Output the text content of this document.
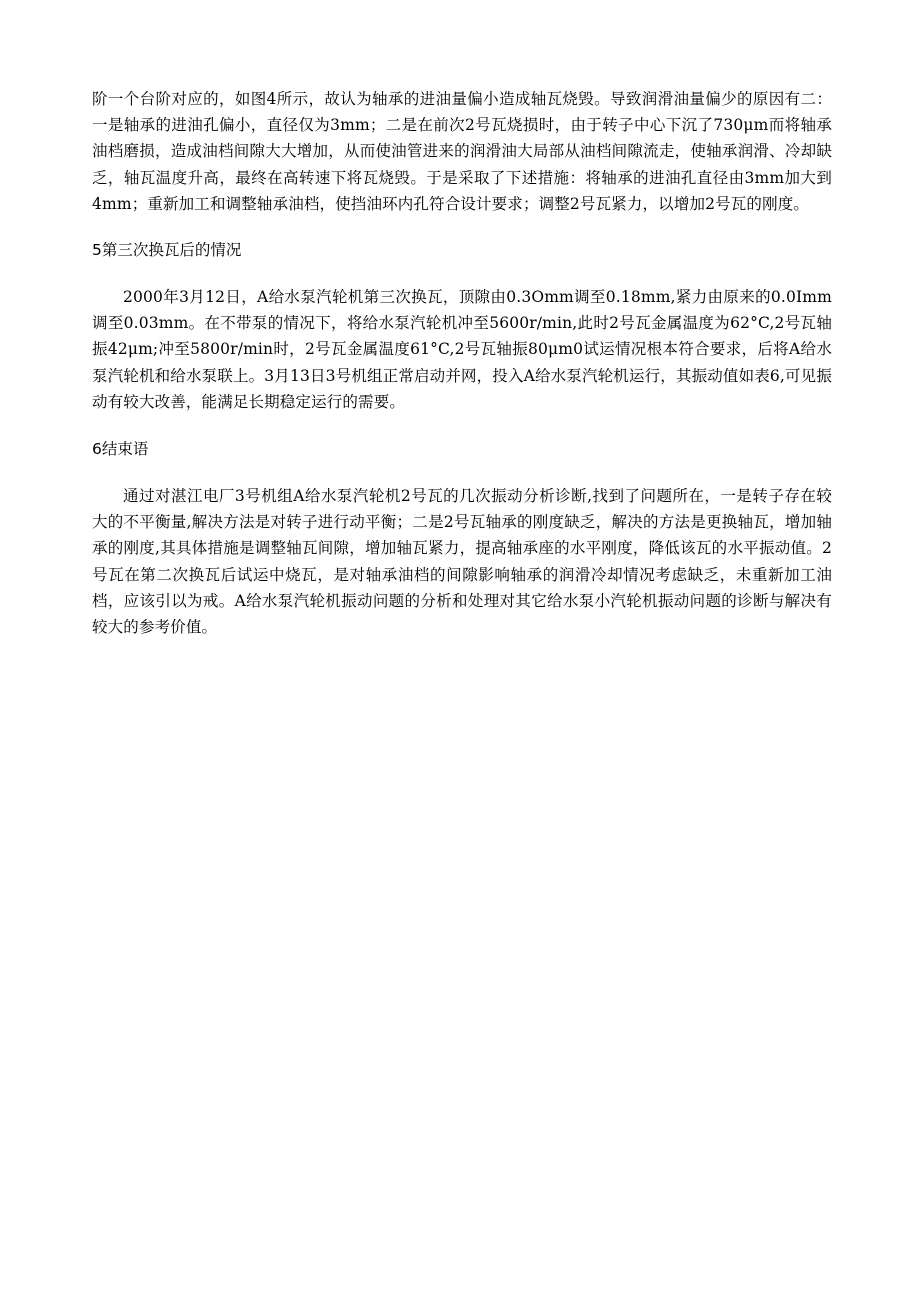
阶一个台阶对应的，如图4所示，故认为轴承的进油量偏小造成轴瓦烧毁。导致润滑油量偏少的原因有二：一是轴承的进油孔偏小，直径仅为3mm；二是在前次2号瓦烧损时，由于转子中心下沉了730μm而将轴承油档磨损，造成油档间隙大大增加，从而使油管进来的润滑油大局部从油档间隙流走，使轴承润滑、冷却缺乏，轴瓦温度升高，最终在高转速下将瓦烧毁。于是采取了下述措施：将轴承的进油孔直径由3mm加大到4mm；重新加工和调整轴承油档，使挡油环内孔符合设计要求；调整2号瓦紧力，以增加2号瓦的刚度。

5第三次换瓦后的情况

2000年3月12日，A给水泵汽轮机第三次换瓦，顶隙由0.3Omm调至0.18mm,紧力由原来的0.0Imm调至0.03mm。在不带泵的情况下，将给水泵汽轮机冲至5600r∕min,此时2号瓦金属温度为62°C,2号瓦轴振42μm;冲至5800r/min时，2号瓦金属温度61°C,2号瓦轴振80μm0试运情况根本符合要求，后将A给水泵汽轮机和给水泵联上。3月13日3号机组正常启动并网，投入A给水泵汽轮机运行，其振动值如表6,可见振动有较大改善，能满足长期稳定运行的需要。

6结束语

通过对湛江电厂3号机组A给水泵汽轮机2号瓦的几次振动分析诊断,找到了问题所在，一是转子存在较大的不平衡量,解决方法是对转子进行动平衡；二是2号瓦轴承的刚度缺乏，解决的方法是更换轴瓦，增加轴承的刚度,其具体措施是调整轴瓦间隙，增加轴瓦紧力，提高轴承座的水平刚度，降低该瓦的水平振动值。2号瓦在第二次换瓦后试运中烧瓦，是对轴承油档的间隙影响轴承的润滑冷却情况考虑缺乏，未重新加工油档，应该引以为戒。A给水泵汽轮机振动问题的分析和处理对其它给水泵小汽轮机振动问题的诊断与解决有较大的参考价值。
